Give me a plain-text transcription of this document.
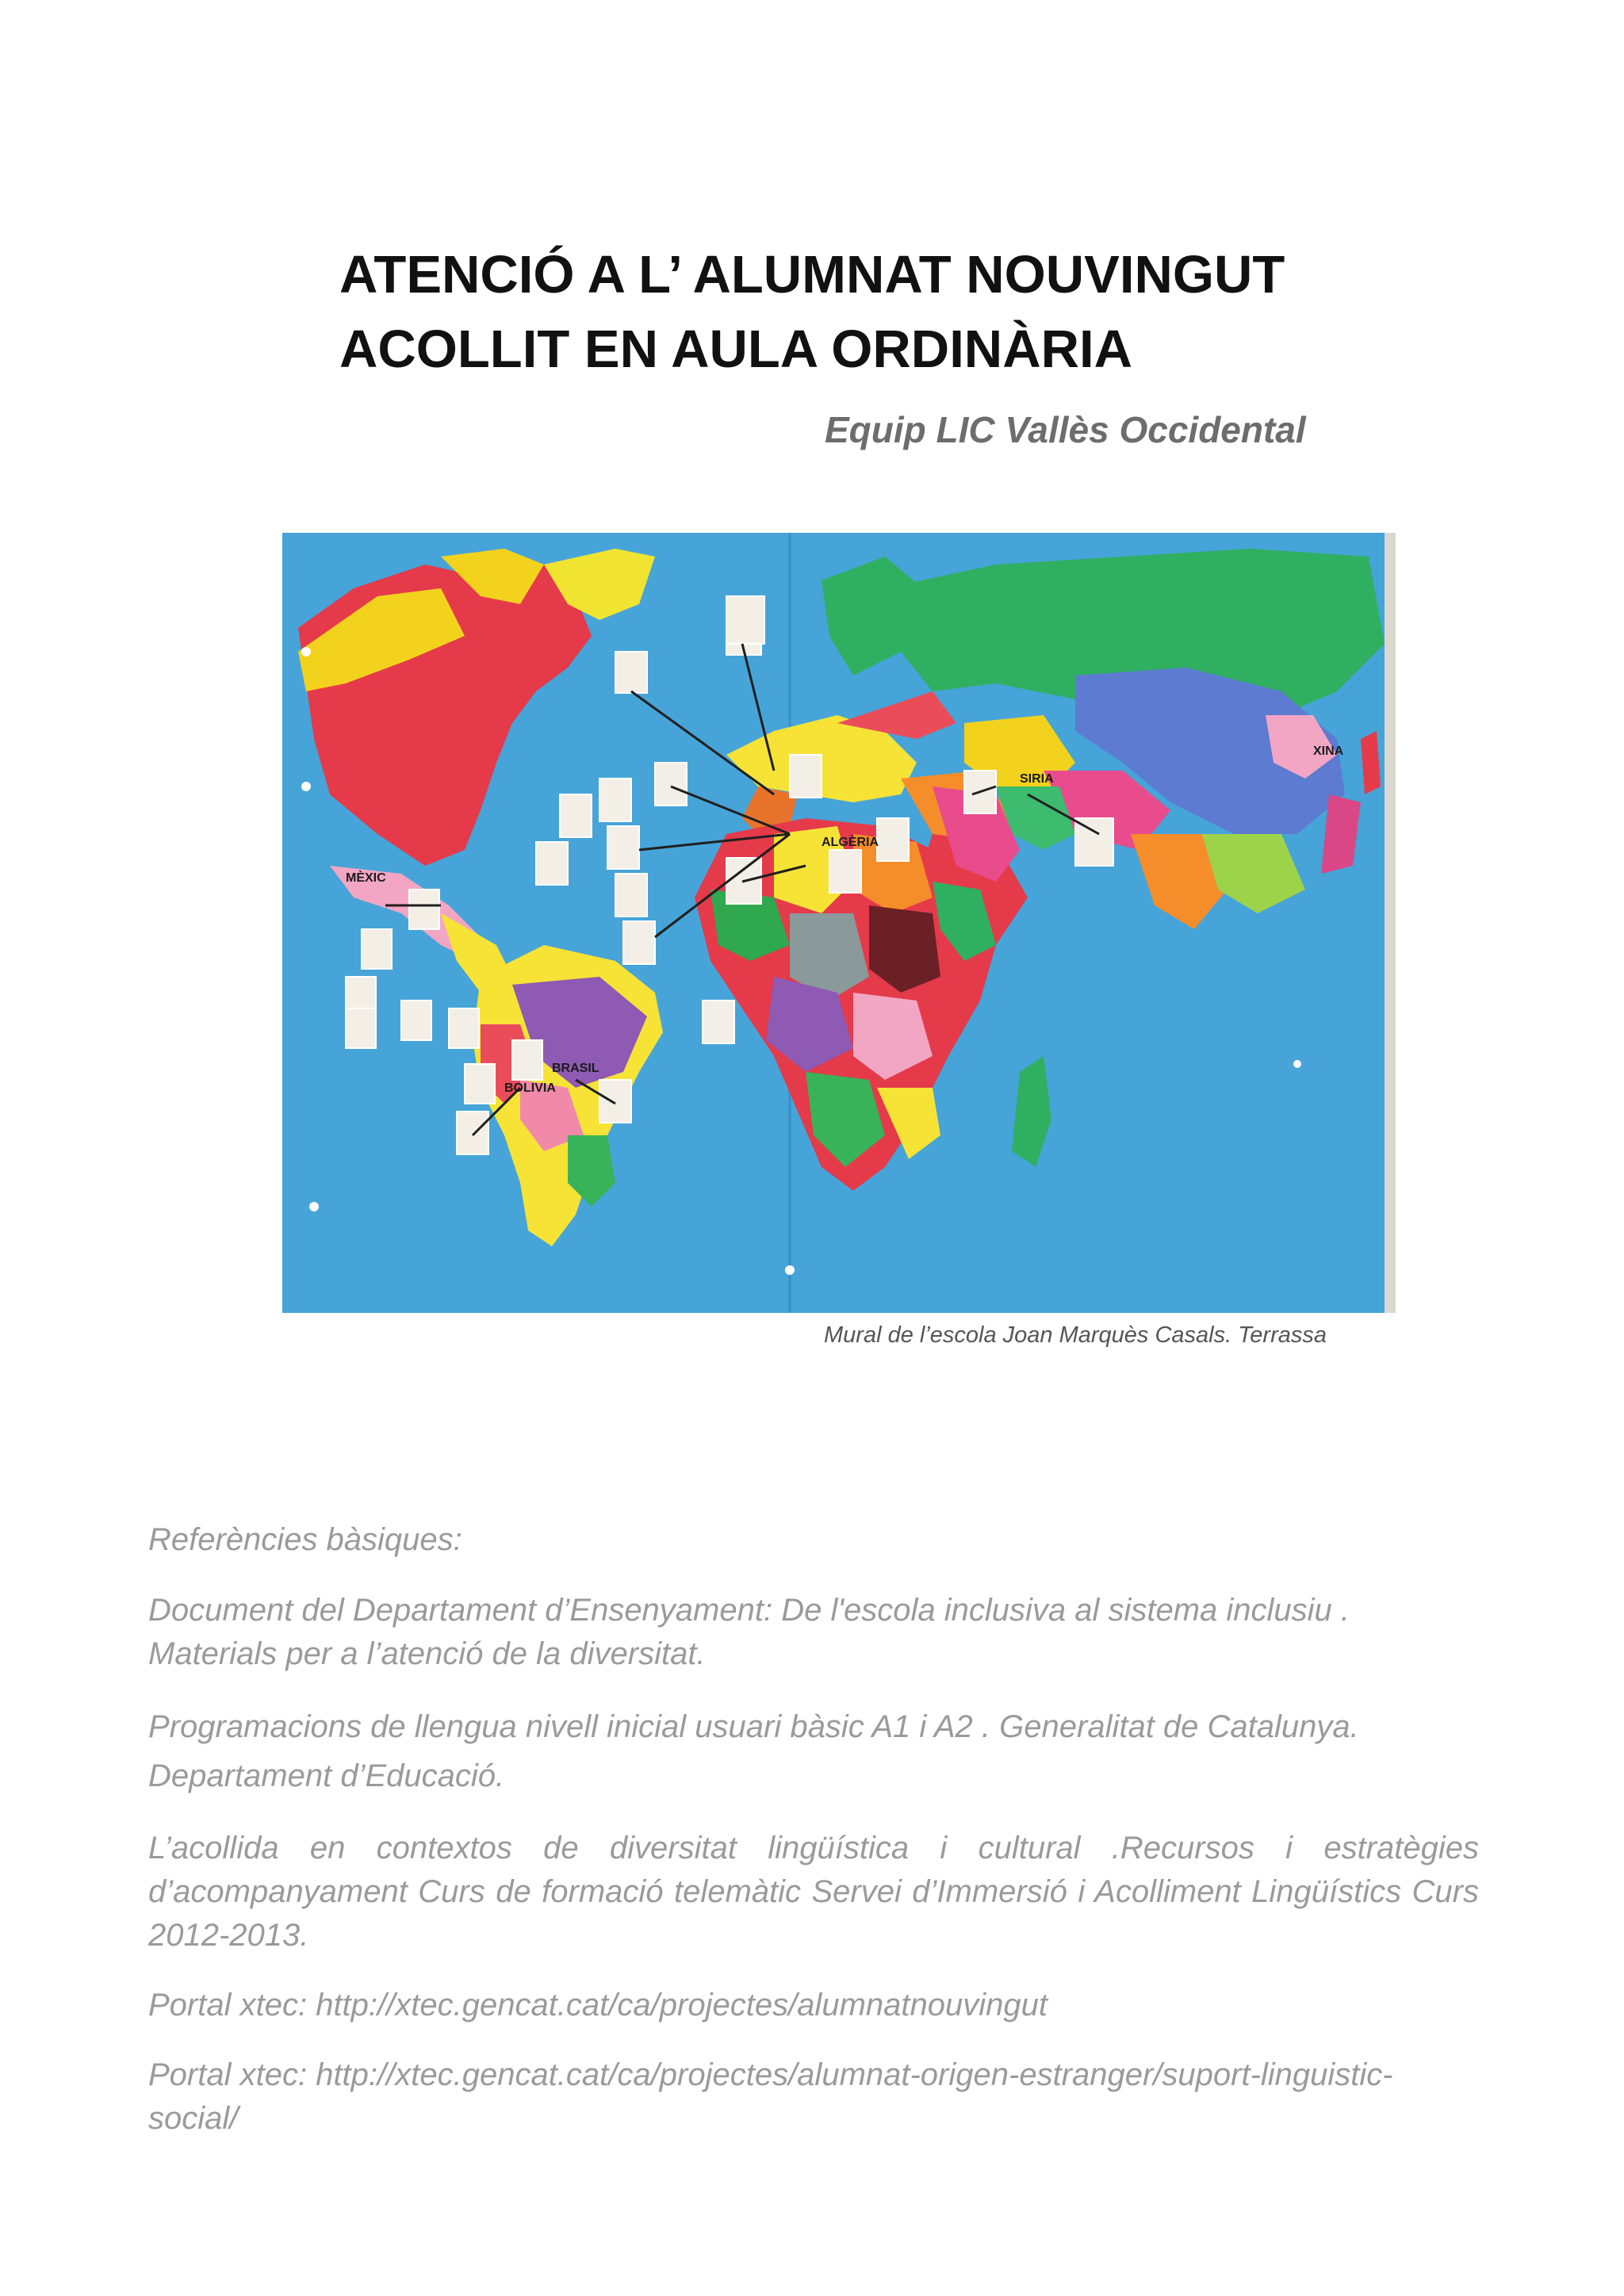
ATENCIÓ A L’ ALUMNAT NOUVINGUT
ACOLLIT EN AULA ORDINÀRIA
Equip LIC Vallès Occidental
XINA
BRASIL
ALGÈRIA
BOLIVIA
MÈXIC
SIRIA
Mural de l’escola Joan Marquès Casals. Terrassa

Referències bàsiques:

Document del Departament d’Ensenyament: De l'escola inclusiva al sistema inclusiu .
Materials per a l’atenció de la diversitat.

Programacions de llengua nivell inicial usuari bàsic A1 i A2 . Generalitat de Catalunya.
Departament d’Educació.

L’acollida en contextos de diversitat lingüística i cultural .Recursos i estratègies d’acompanyament Curs de formació telemàtic Servei d’Immersió i Acolliment Lingüístics Curs 2012-2013.

Portal xtec: http://xtec.gencat.cat/ca/projectes/alumnatnouvingut

Portal xtec: http://xtec.gencat.cat/ca/projectes/alumnat-origen-estranger/suport-linguistic-
social/
